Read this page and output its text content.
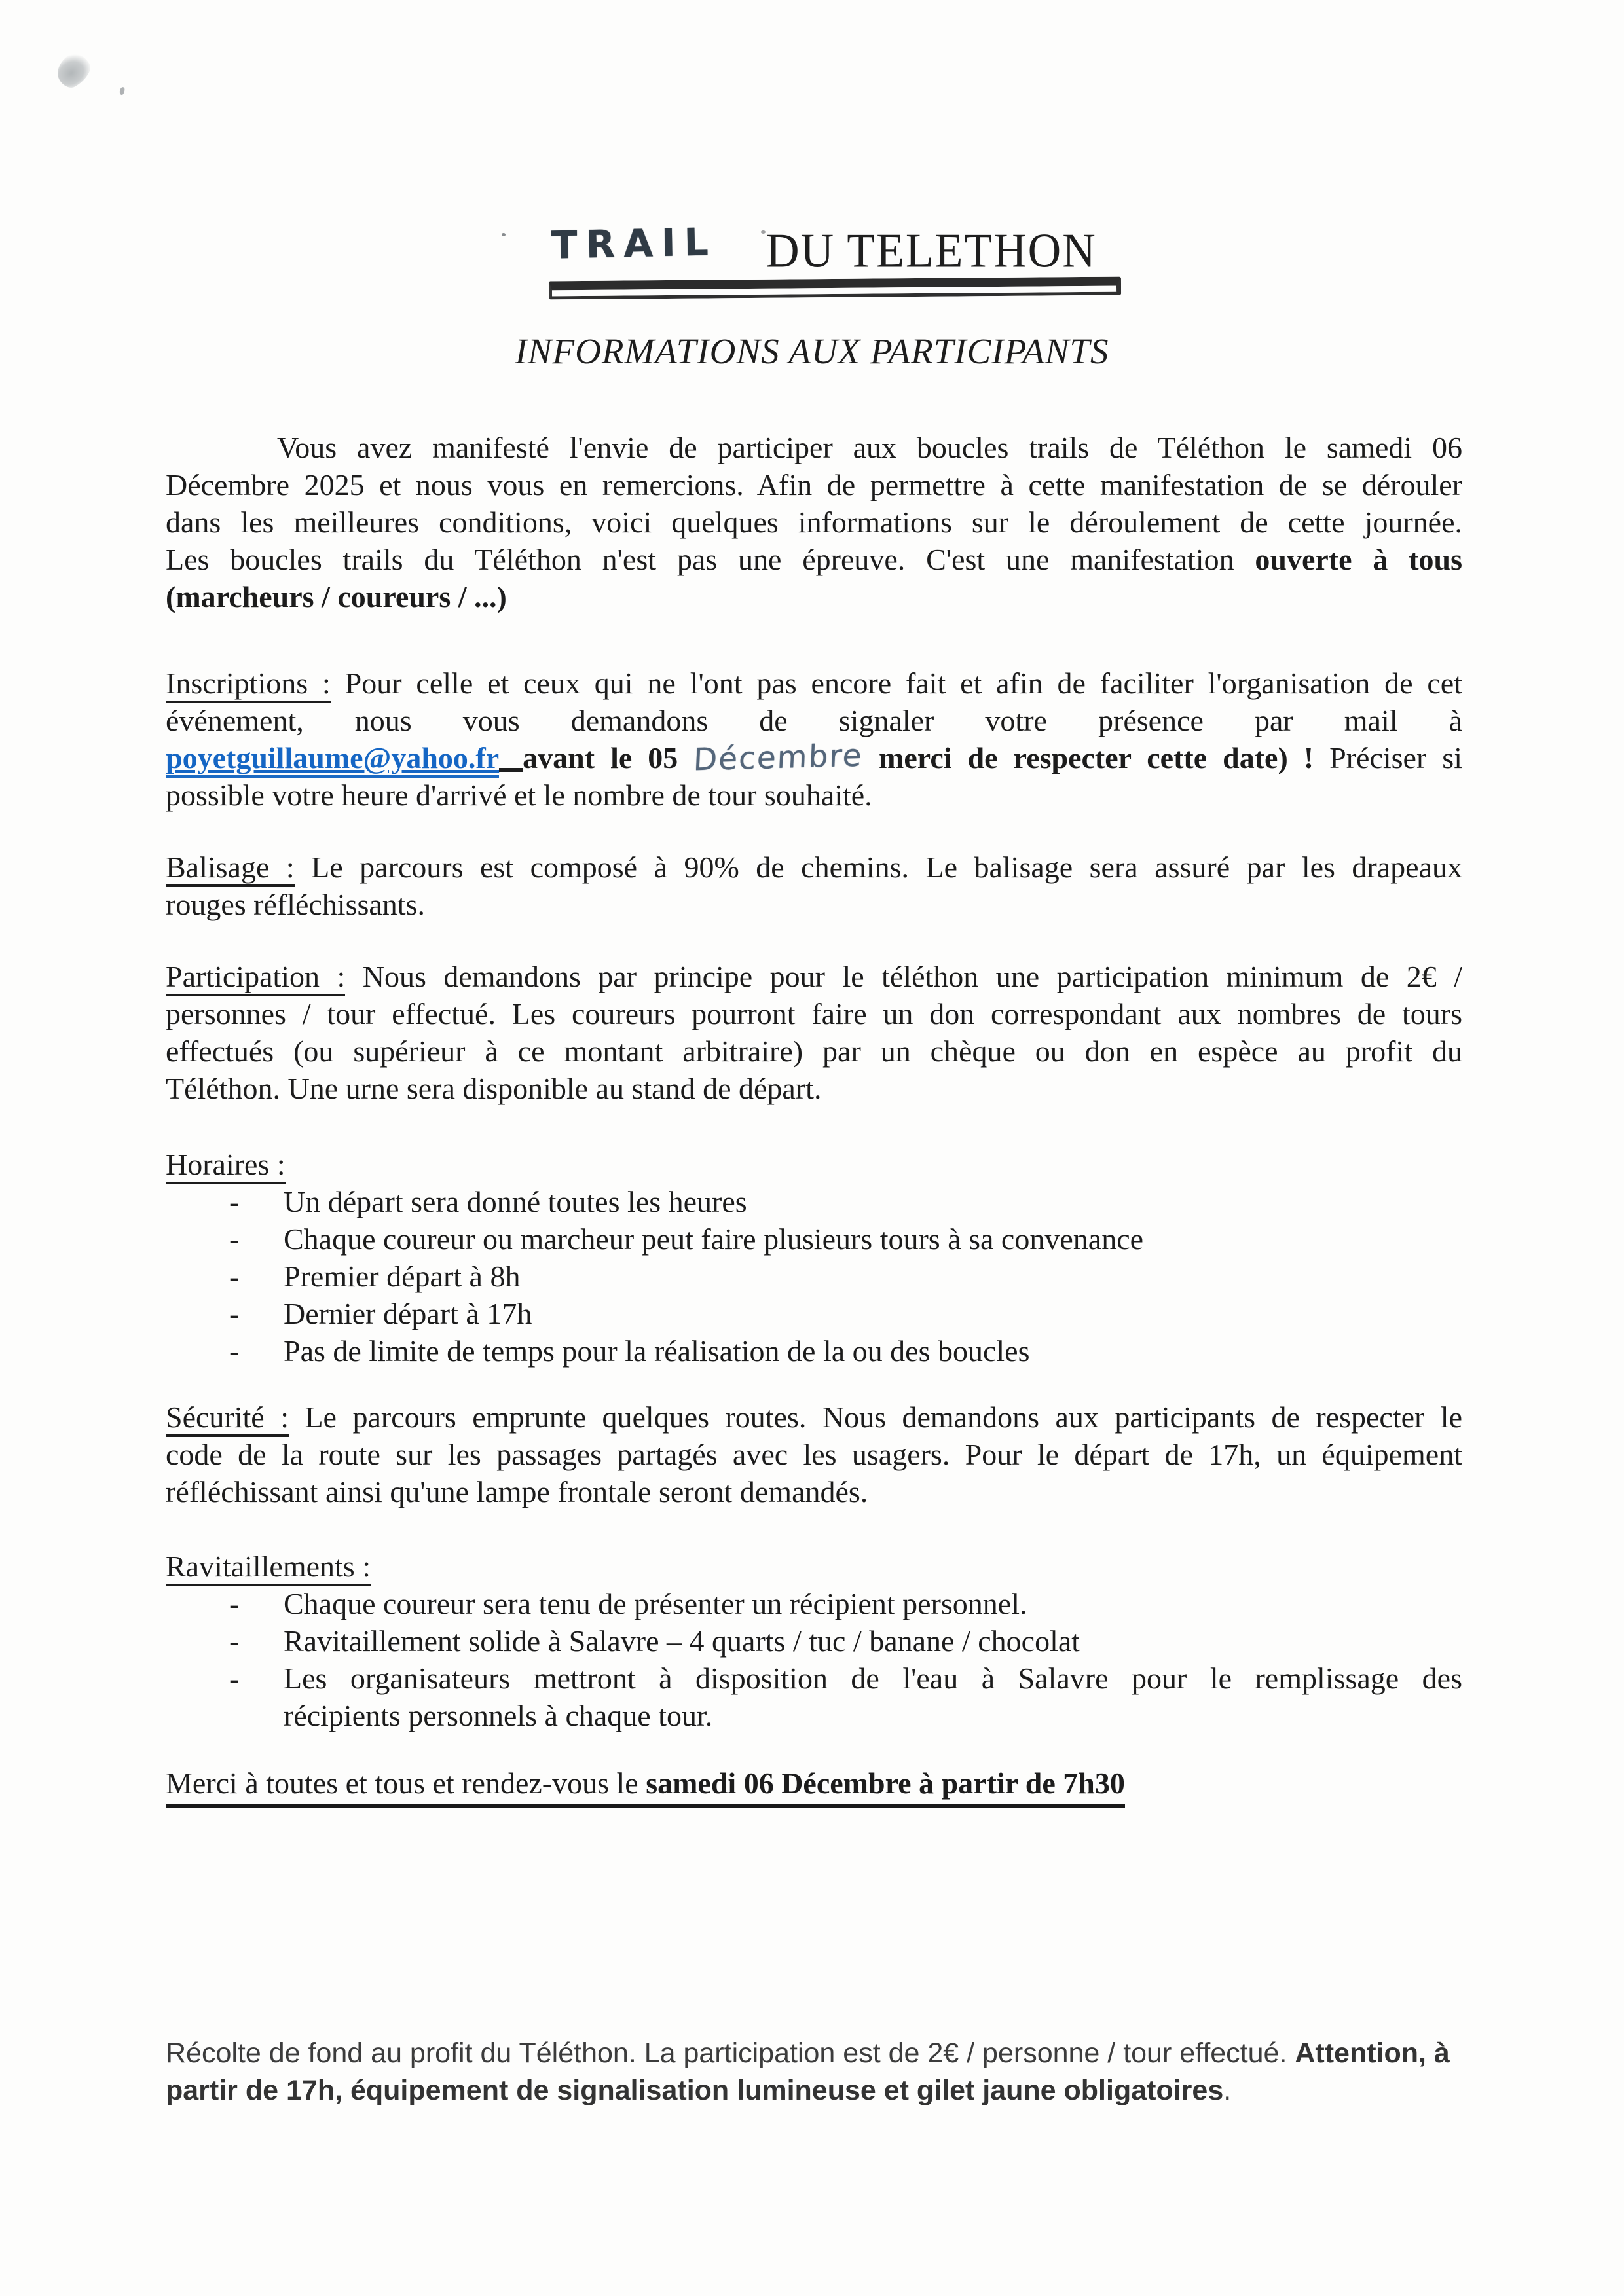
TRAIL DU TELETHON
INFORMATIONS AUX PARTICIPANTS
Vous avez manifesté l'envie de participer aux boucles trails de Téléthon le samedi 06
Décembre 2025 et nous vous en remercions. Afin de permettre à cette manifestation de se dérouler
dans les meilleures conditions, voici quelques informations sur le déroulement de cette journée.
Les boucles trails du Téléthon n'est pas une épreuve. C'est une manifestation ouverte à tous
(marcheurs / coureurs / ...)
Inscriptions : Pour celle et ceux qui ne l'ont pas encore fait et afin de faciliter l'organisation de cet
événement, nous vous demandons de signaler votre présence par mail à
poyetguillaume@yahoo.fr avant le 05 Décembre merci de respecter cette date) ! Préciser si
possible votre heure d'arrivé et le nombre de tour souhaité.
Balisage : Le parcours est composé à 90% de chemins. Le balisage sera assuré par les drapeaux
rouges réfléchissants.
Participation : Nous demandons par principe pour le téléthon une participation minimum de 2€ /
personnes / tour effectué. Les coureurs pourront faire un don correspondant aux nombres de tours
effectués (ou supérieur à ce montant arbitraire) par un chèque ou don en espèce au profit du
Téléthon. Une urne sera disponible au stand de départ.
Horaires :
- Un départ sera donné toutes les heures
- Chaque coureur ou marcheur peut faire plusieurs tours à sa convenance
- Premier départ à 8h
- Dernier départ à 17h
- Pas de limite de temps pour la réalisation de la ou des boucles
Sécurité : Le parcours emprunte quelques routes. Nous demandons aux participants de respecter le
code de la route sur les passages partagés avec les usagers. Pour le départ de 17h, un équipement
réfléchissant ainsi qu'une lampe frontale seront demandés.
Ravitaillements :
- Chaque coureur sera tenu de présenter un récipient personnel.
- Ravitaillement solide à Salavre – 4 quarts / tuc / banane / chocolat
- Les organisateurs mettront à disposition de l'eau à Salavre pour le remplissage des
récipients personnels à chaque tour.
Merci à toutes et tous et rendez-vous le samedi 06 Décembre à partir de 7h30
Récolte de fond au profit du Téléthon. La participation est de 2€ / personne / tour effectué. Attention, à
partir de 17h, équipement de signalisation lumineuse et gilet jaune obligatoires.
